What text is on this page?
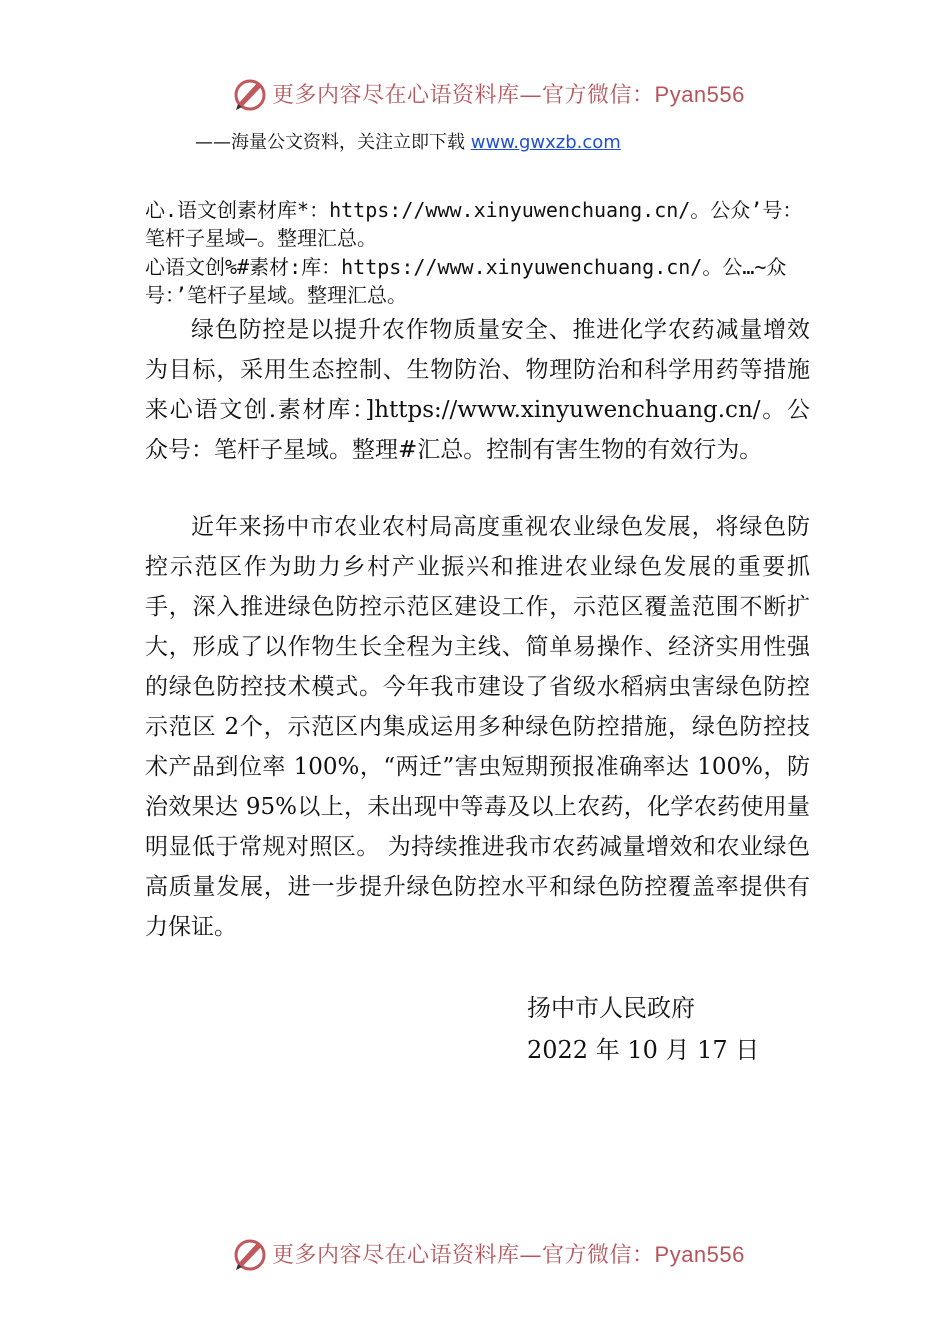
更多内容尽在心语资料库—官方微信：Pyan556
——海量公文资料，关注立即下载 www.gwxzb.com
心.语文创素材库*：https://www.xinyuwenchuang.cn/。公众’号：笔杆子星域—。整理汇总。
心语文创%#素材:库：https://www.xinyuwenchuang.cn/。公…~众号：’笔杆子星域。整理汇总。
绿色防控是以提升农作物质量安全、推进化学农药减量增效为目标，采用生态控制、生物防治、物理防治和科学用药等措施来心语文创.素材库：]https://www.xinyuwenchuang.cn/。公众号：笔杆子星域。整理#汇总。控制有害生物的有效行为。
近年来扬中市农业农村局高度重视农业绿色发展，将绿色防控示范区作为助力乡村产业振兴和推进农业绿色发展的重要抓手，深入推进绿色防控示范区建设工作，示范区覆盖范围不断扩大，形成了以作物生长全程为主线、简单易操作、经济实用性强的绿色防控技术模式。今年我市建设了省级水稻病虫害绿色防控示范区 2个，示范区内集成运用多种绿色防控措施，绿色防控技术产品到位率 100%，“两迁”害虫短期预报准确率达 100%，防治效果达 95%以上，未出现中等毒及以上农药，化学农药使用量明显低于常规对照区。 为持续推进我市农药减量增效和农业绿色高质量发展，进一步提升绿色防控水平和绿色防控覆盖率提供有力保证。
扬中市人民政府
2022 年 10 月 17 日
更多内容尽在心语资料库—官方微信：Pyan556
